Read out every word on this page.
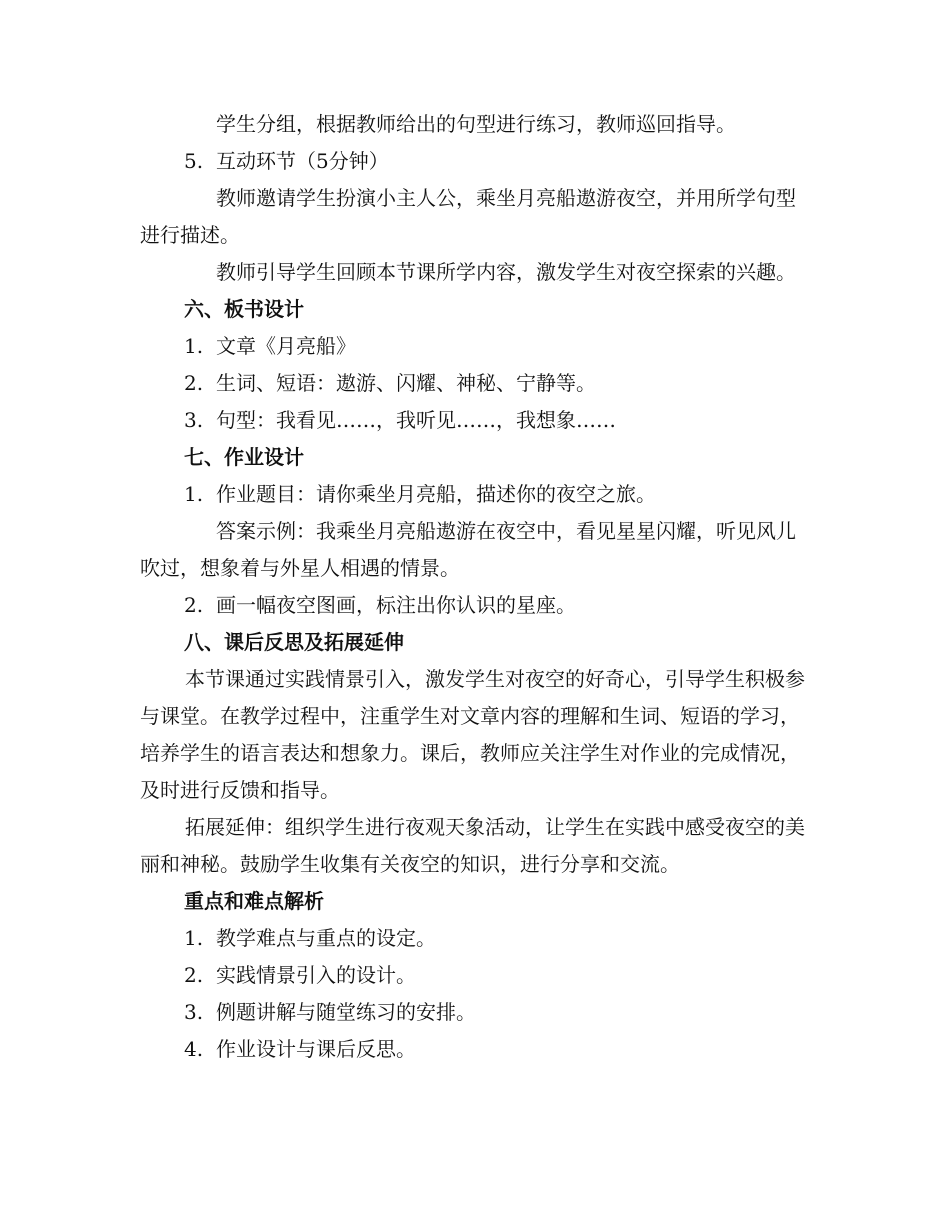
学生分组，根据教师给出的句型进行练习，教师巡回指导。

5. 互动环节（5分钟）

教师邀请学生扮演小主人公，乘坐月亮船遨游夜空，并用所学句型进行描述。

教师引导学生回顾本节课所学内容，激发学生对夜空探索的兴趣。

六、板书设计

1. 文章《月亮船》

2. 生词、短语：遨游、闪耀、神秘、宁静等。

3. 句型：我看见……，我听见……，我想象……

七、作业设计

1. 作业题目：请你乘坐月亮船，描述你的夜空之旅。

答案示例：我乘坐月亮船遨游在夜空中，看见星星闪耀，听见风儿吹过，想象着与外星人相遇的情景。

2. 画一幅夜空图画，标注出你认识的星座。

八、课后反思及拓展延伸

本节课通过实践情景引入，激发学生对夜空的好奇心，引导学生积极参与课堂。在教学过程中，注重学生对文章内容的理解和生词、短语的学习，培养学生的语言表达和想象力。课后，教师应关注学生对作业的完成情况，及时进行反馈和指导。

拓展延伸：组织学生进行夜观天象活动，让学生在实践中感受夜空的美丽和神秘。鼓励学生收集有关夜空的知识，进行分享和交流。

重点和难点解析

1. 教学难点与重点的设定。

2. 实践情景引入的设计。

3. 例题讲解与随堂练习的安排。

4. 作业设计与课后反思。
